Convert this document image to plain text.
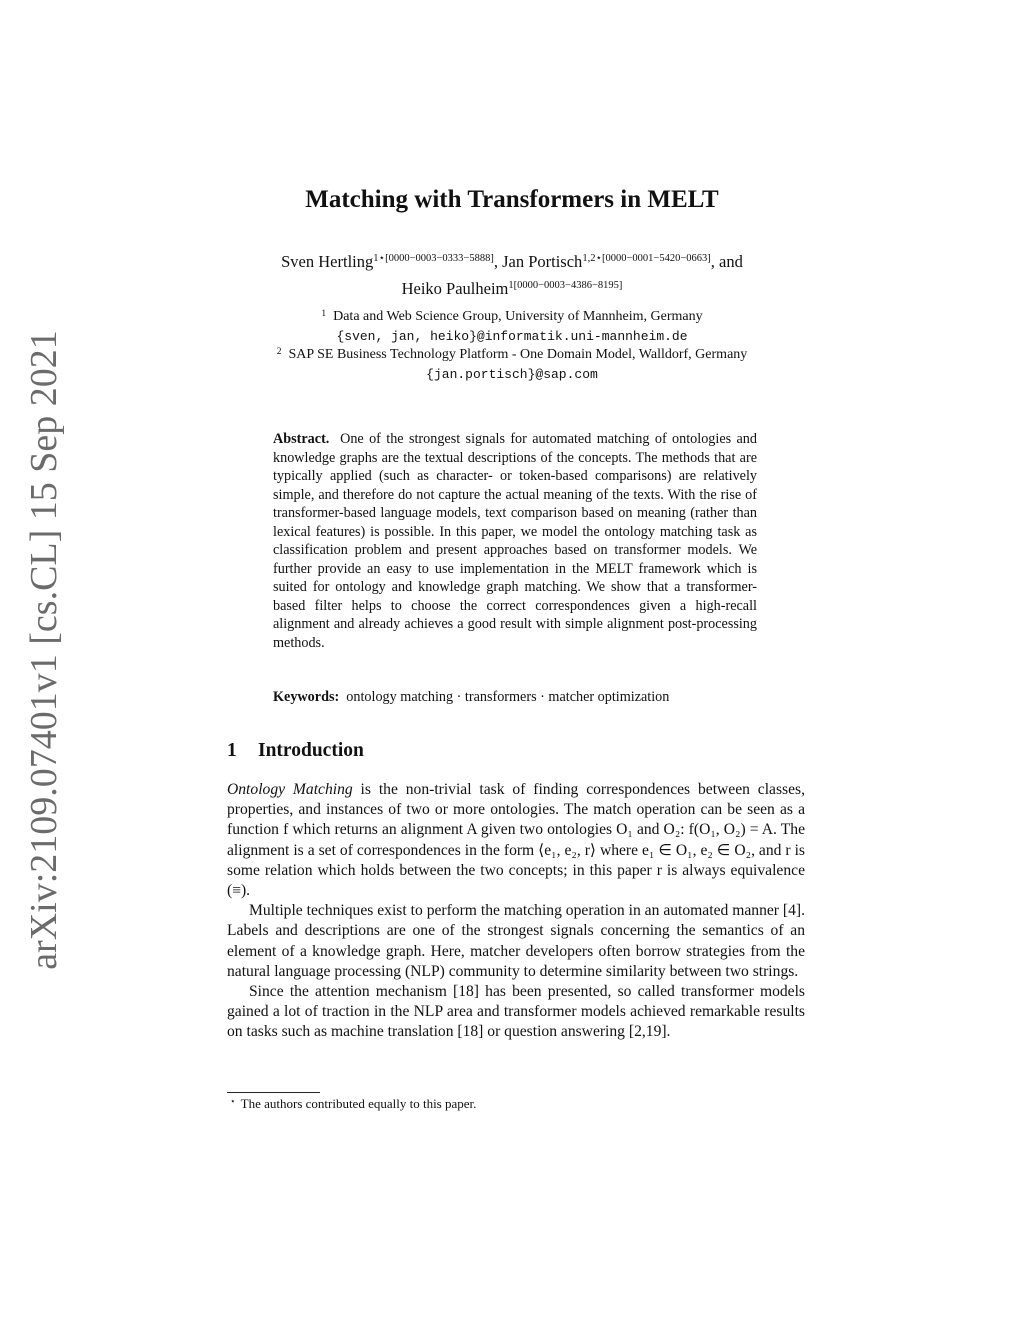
arXiv:2109.07401v1 [cs.CL] 15 Sep 2021
Matching with Transformers in MELT
Sven Hertling$^{1⋆[0000-0003-0333-5888]}$, Jan Portisch$^{1,2⋆[0000-0001-5420-0663]}$, and
Heiko Paulheim$^{1[0000-0003-4386-8195]}$
$^1$ Data and Web Science Group, University of Mannheim, Germany
{sven, jan, heiko}@informatik.uni-mannheim.de
$^2$ SAP SE Business Technology Platform - One Domain Model, Walldorf, Germany
{jan.portisch}@sap.com
Abstract. One of the strongest signals for automated matching of ontologies and knowledge graphs are the textual descriptions of the concepts. The methods that are typically applied (such as character- or token-based comparisons) are relatively simple, and therefore do not capture the actual meaning of the texts. With the rise of transformer-based language models, text comparison based on meaning (rather than lexical features) is possible. In this paper, we model the ontology matching task as classification problem and present approaches based on transformer models. We further provide an easy to use implementation in the MELT framework which is suited for ontology and knowledge graph matching. We show that a transformer-based filter helps to choose the correct correspondences given a high-recall alignment and already achieves a good result with simple alignment post-processing methods.
Keywords: ontology matching · transformers · matcher optimization
1 Introduction

Ontology Matching is the non-trivial task of finding correspondences between classes, properties, and instances of two or more ontologies. The match operation can be seen as a function f which returns an alignment A given two ontologies O₁ and O₂: f(O₁, O₂) = A. The alignment is a set of correspondences in the form ⟨e₁, e₂, r⟩ where e₁ ∈ O₁, e₂ ∈ O₂, and r is some relation which holds between the two concepts; in this paper r is always equivalence (≡).

Multiple techniques exist to perform the matching operation in an automated manner [4]. Labels and descriptions are one of the strongest signals concerning the semantics of an element of a knowledge graph. Here, matcher developers often borrow strategies from the natural language processing (NLP) community to determine similarity between two strings.

Since the attention mechanism [18] has been presented, so called transformer models gained a lot of traction in the NLP area and transformer models achieved remarkable results on tasks such as machine translation [18] or question answering [2,19].

⋆ The authors contributed equally to this paper.
